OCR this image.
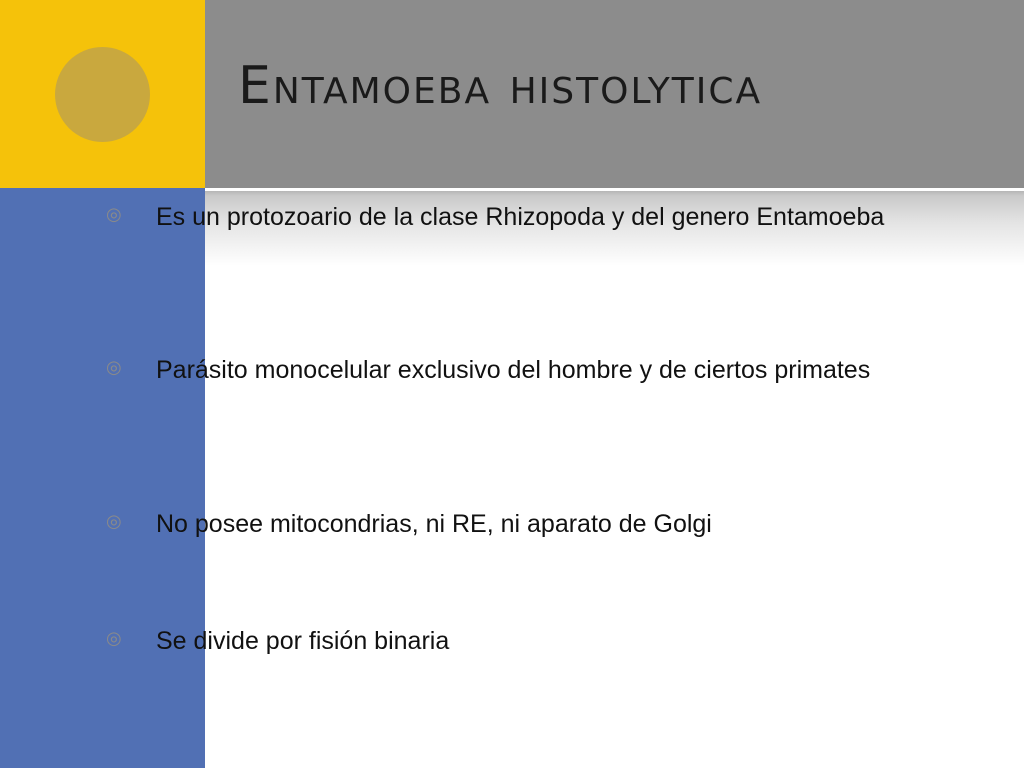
Entamoeba histolytica
◎ Es un protozoario de la clase Rhizopoda y del genero Entamoeba
◎ Parásito monocelular exclusivo del hombre y de ciertos primates
◎ No posee mitocondrias, ni RE, ni aparato de Golgi
◎ Se divide por fisión binaria
